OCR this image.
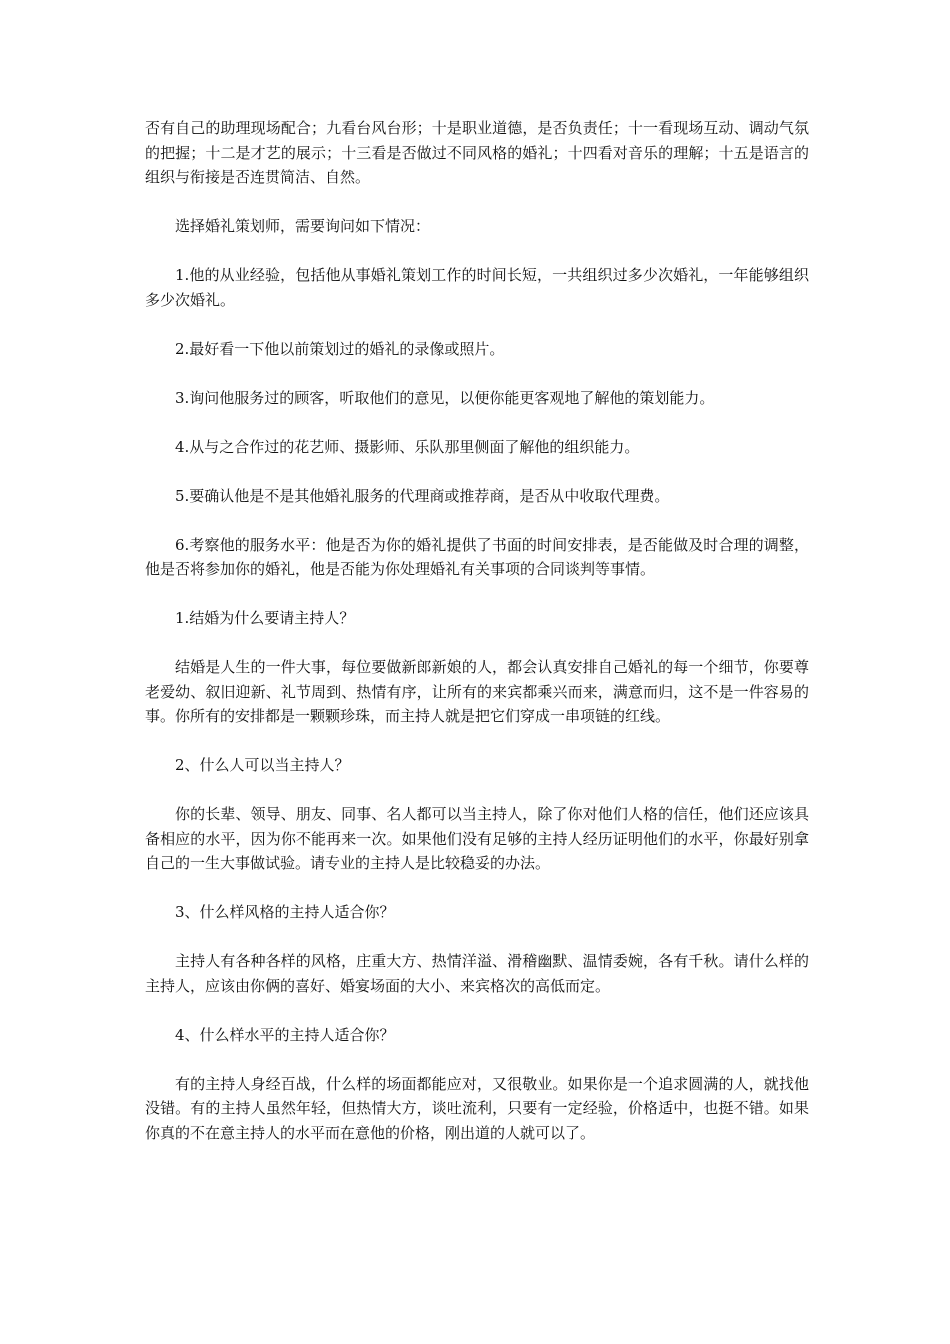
否有自己的助理现场配合；九看台风台形；十是职业道德，是否负责任；十一看现场互动、调动气氛的把握；十二是才艺的展示；十三看是否做过不同风格的婚礼；十四看对音乐的理解；十五是语言的组织与衔接是否连贯简洁、自然。

选择婚礼策划师，需要询问如下情况：

1.他的从业经验，包括他从事婚礼策划工作的时间长短，一共组织过多少次婚礼，一年能够组织多少次婚礼。

2.最好看一下他以前策划过的婚礼的录像或照片。

3.询问他服务过的顾客，听取他们的意见，以便你能更客观地了解他的策划能力。

4.从与之合作过的花艺师、摄影师、乐队那里侧面了解他的组织能力。

5.要确认他是不是其他婚礼服务的代理商或推荐商，是否从中收取代理费。

6.考察他的服务水平：他是否为你的婚礼提供了书面的时间安排表，是否能做及时合理的调整，他是否将参加你的婚礼，他是否能为你处理婚礼有关事项的合同谈判等事情。

1.结婚为什么要请主持人？

结婚是人生的一件大事，每位要做新郎新娘的人，都会认真安排自己婚礼的每一个细节，你要尊老爱幼、叙旧迎新、礼节周到、热情有序，让所有的来宾都乘兴而来，满意而归，这不是一件容易的事。你所有的安排都是一颗颗珍珠，而主持人就是把它们穿成一串项链的红线。

2、什么人可以当主持人？

你的长辈、领导、朋友、同事、名人都可以当主持人，除了你对他们人格的信任，他们还应该具备相应的水平，因为你不能再来一次。如果他们没有足够的主持人经历证明他们的水平，你最好别拿自己的一生大事做试验。请专业的主持人是比较稳妥的办法。

3、什么样风格的主持人适合你？

主持人有各种各样的风格，庄重大方、热情洋溢、滑稽幽默、温情委婉，各有千秋。请什么样的主持人，应该由你俩的喜好、婚宴场面的大小、来宾格次的高低而定。

4、什么样水平的主持人适合你？

有的主持人身经百战，什么样的场面都能应对，又很敬业。如果你是一个追求圆满的人，就找他没错。有的主持人虽然年轻，但热情大方，谈吐流利，只要有一定经验，价格适中，也挺不错。如果你真的不在意主持人的水平而在意他的价格，刚出道的人就可以了。
